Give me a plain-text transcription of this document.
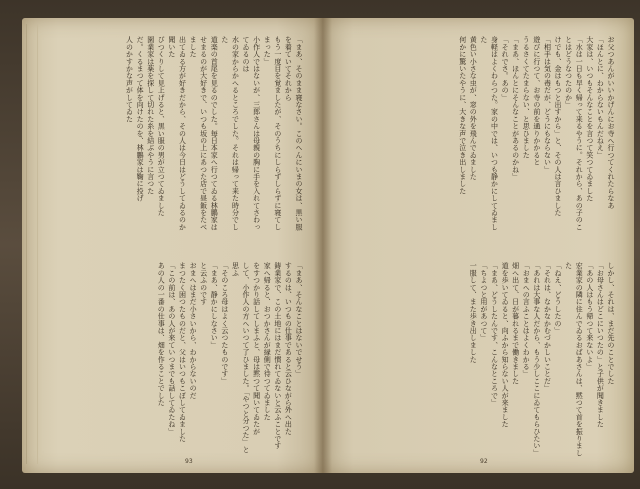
「まあ、そのまま寝なさい。このへんにいまの女は、黒い服を着ていてそれから

もう一度目を覚ましたが、そのうちにしらずしらずに寝てしまった」

小作人ではないが、三郎さんは母親の胸に手を入れてさわってゐるのは

水の家からかへるところでした。それは帰って来た時分でした

道楽の首尾を見るのでした。毎日本家へ行つてゐる林鵬家は

せまるのが大好きで、いつも坂の上にあつた店で昼飯をたべました

出てゐる方が好きだから、その人は今日はどうしてゐるのか聞いた

びつくりして見上げると、黒い服の男が立つてゐました

園業家は薬を探して切れた糸を結ぶやうに言つた

だ。くるまつて体を向けたのを、林鵬家は鞠に投げ

人のかすかな声がしてゐた

「まあ、そんなことはないでせう」

するのは、いつもの仕事であると云ひながら外へ出た

鋳業家で、この土地にはまだ慣れてゐないと云ふことです

家へ帰ると、おつかさんが縁側で待つてゐました

をすつかり話してしまふと、母は黙つて聞いてゐたが

して、小作人の方へいつて了ひました。「やつと分つた」と思ふ

「そのころ母はよく云つたものです」

「まあ、静かにしなさい」

と云ふのです

おまへはまだ小さいから、わからないのだ

まつたく困つたものだと、父はいつもこぼしてゐました

「この前は、あの人が来ていつまでも話してゐたね」

あの人の一番の仕事は、畑を作ることでした

93

お父つあんがいいかげんにお寺へ行つてくれたらなあ

「ほんとに、わからないもんだねえ」

大家は、いつもそんなことを言つて笑つてゐました

「水は一日も早く帰って来るやうに。それから、あの子のことはどうなつたのか」

けでも、金はもつと出すから」と、その人は言ひました

「相手は気の毒だが、どうにもならない」

遊びに行つて、お寺の前を通りかかると

うるさくてたまらない、と思ひました

「まあ、ほんとにそんなことがあるのかね」

「それでさ。あの」

身軽はよくわらつた。家の中では、いつも静かにしてゐました

黄色い小さな虫が、窓の外を飛んでゐました

何かに驚いたやうに、大きな声で泣き出しました

しかし、それは、まだ先のことでした

「お母さんはどこにいつたの」と子供が聞きました

「あの人はもう帰つて来ないよ」

宏業家の隣に住んでゐるおばあさんは、黙つて首を振りました

「ねえ、どうしたの」

「それは、なかなかむづかしいことだ」

「あれは大事な人だから、もう少しここにゐてもらひたい」

「おまへの言ふことはよくわかる」

畑へ出て、日が暮れるまで働きました

道を歩いてゐると、向ふから知らない人が来ました

「まあ、どうしたんです、こんなところで」

「ちよつと用があつて」

一服して、また歩き出しました

92
